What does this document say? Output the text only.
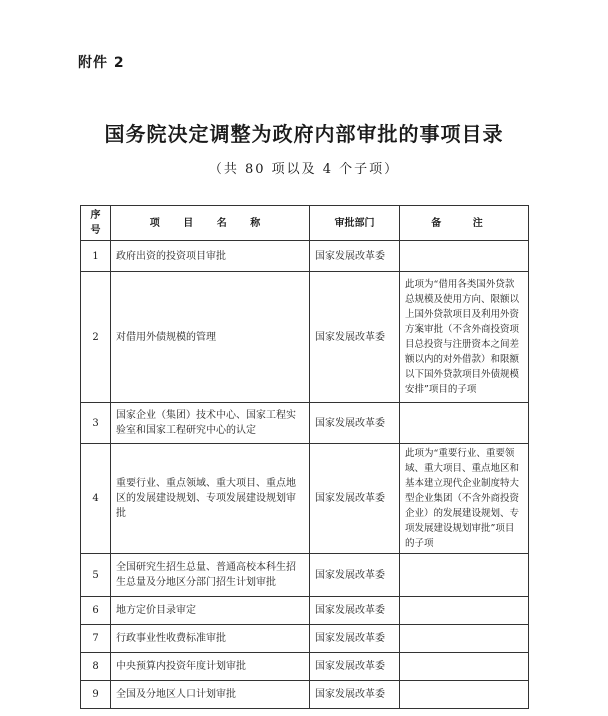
附件 2
国务院决定调整为政府内部审批的事项目录
（共 80 项以及 4 个子项）
序号	项 目 名 称	审批部门	备 注
1	政府出资的投资项目审批	国家发展改革委	
2	对借用外债规模的管理	国家发展改革委	此项为“借用各类国外贷款总规模及使用方向、限额以上国外贷款项目及利用外资方案审批（不含外商投资项目总投资与注册资本之间差额以内的对外借款）和限额以下国外贷款项目外债规模安排”项目的子项
3	国家企业（集团）技术中心、国家工程实验室和国家工程研究中心的认定	国家发展改革委	
4	重要行业、重点领域、重大项目、重点地区的发展建设规划、专项发展建设规划审批	国家发展改革委	此项为“重要行业、重要领域、重大项目、重点地区和基本建立现代企业制度特大型企业集团（不含外商投资企业）的发展建设规划、专项发展建设规划审批”项目的子项
5	全国研究生招生总量、普通高校本科生招生总量及分地区分部门招生计划审批	国家发展改革委	
6	地方定价目录审定	国家发展改革委	
7	行政事业性收费标准审批	国家发展改革委	
8	中央预算内投资年度计划审批	国家发展改革委	
9	全国及分地区人口计划审批	国家发展改革委	
